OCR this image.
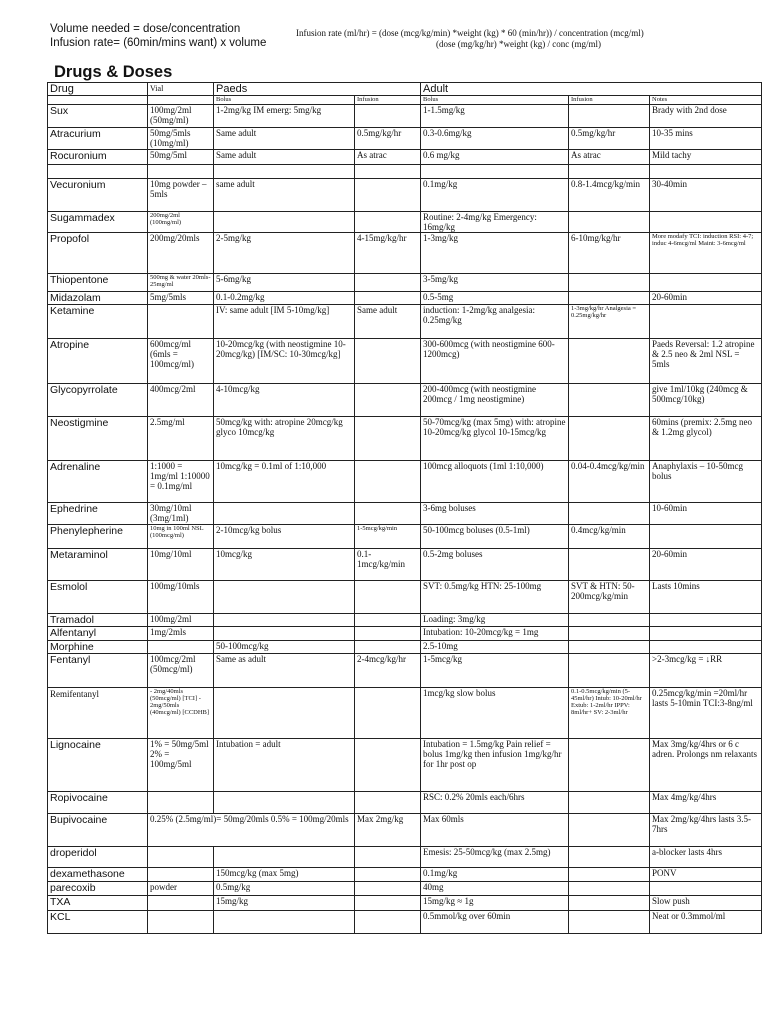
Volume needed = dose/concentration
Infusion rate= (60min/mins want) x volume
Infusion rate (ml/hr) = (dose (mcg/kg/min) *weight (kg) * 60 (min/hr)) / concentration (mcg/ml)
(dose (mg/kg/hr) *weight (kg) / conc (mg/ml)
Drugs & Doses
Drug	Vial	Paeds		Adult		
		Bolus	Infusion	Bolus	Infusion	Notes
Sux	100mg/2ml (50mg/ml)	1-2mg/kg IM emerg: 5mg/kg		1-1.5mg/kg		Brady with 2nd dose
Atracurium	50mg/5mls (10mg/ml)	Same adult	0.5mg/kg/hr	0.3-0.6mg/kg	0.5mg/kg/hr	10-35 mins
Rocuronium	50mg/5ml	Same adult	As atrac	0.6 mg/kg	As atrac	Mild tachy

Vecuronium	10mg powder – 5mls	same adult		0.1mg/kg	0.8-1.4mcg/kg/min	30-40min
Sugammadex	200mg/2ml (100mg/ml)			Routine: 2-4mg/kg Emergency: 16mg/kg		
Propofol	200mg/20mls	2-5mg/kg	4-15mg/kg/hr	1-3mg/kg	6-10mg/kg/hr	More modafy TCI: induction RSI: 4-7; induc 4-6mcg/ml Maint: 3-6mcg/ml
Thiopentone	500mg & water 20mls-25mg/ml	5-6mg/kg		3-5mg/kg		
Midazolam	5mg/5mls	0.1-0.2mg/kg		0.5-5mg		20-60min
Ketamine		IV: same adult [IM 5-10mg/kg]	Same adult	induction: 1-2mg/kg analgesia: 0.25mg/kg	1-3mg/kg/hr Analgesia = 0.25mg/kg/hr	
Atropine	600mcg/ml (6mls = 100mcg/ml)	10-20mcg/kg (with neostigmine 10-20mcg/kg) [IM/SC: 10-30mcg/kg]		300-600mcg (with neostigmine 600-1200mcg)		Paeds Reversal: 1.2 atropine & 2.5 neo & 2ml NSL = 5mls
Glycopyrrolate	400mcg/2ml	4-10mcg/kg		200-400mcg (with neostigmine 200mcg / 1mg neostigmine)		give 1ml/10kg (240mcg & 500mcg/10kg)
Neostigmine	2.5mg/ml	50mcg/kg with: atropine 20mcg/kg glyco 10mcg/kg		50-70mcg/kg (max 5mg) with: atropine 10-20mcg/kg glycol 10-15mcg/kg		60mins (premix: 2.5mg neo & 1.2mg glycol)
Adrenaline	1:1000 = 1mg/ml 1:10000 = 0.1mg/ml	10mcg/kg = 0.1ml of 1:10,000		100mcg alloquots (1ml 1:10,000)	0.04-0.4mcg/kg/min	Anaphylaxis – 10-50mcg bolus
Ephedrine	30mg/10ml (3mg/1ml)			3-6mg boluses		10-60min
Phenylepherine	10mg in 100ml NSL (100mcg/ml)	2-10mcg/kg bolus	1-5mcg/kg/min	50-100mcg boluses (0.5-1ml)	0.4mcg/kg/min	
Metaraminol	10mg/10ml	10mcg/kg	0.1-1mcg/kg/min	0.5-2mg boluses		20-60min
Esmolol	100mg/10mls			SVT: 0.5mg/kg HTN: 25-100mg	SVT & HTN: 50-200mcg/kg/min	Lasts 10mins
Tramadol	100mg/2ml			Loading: 3mg/kg		
Alfentanyl	1mg/2mls			Intubation: 10-20mcg/kg = 1mg		
Morphine		50-100mcg/kg		2.5-10mg		
Fentanyl	100mcg/2ml (50mcg/ml)	Same as adult	2-4mcg/kg/hr	1-5mcg/kg		>2-3mcg/kg = ↓RR
Remifentanyl	- 2mg/40mls (50mcg/ml) [TCI] - 2mg/50mls (40mcg/ml) [CCDHB]			1mcg/kg slow bolus	0.1-0.5mcg/kg/min (5-45ml/hr) Intub: 10-20ml/hr Extub: 1-2ml/hr IPPV: 8ml/hr+ SV: 2-3ml/hr	0.25mcg/kg/min =20ml/hr lasts 5-10min TCI:3-8ng/ml
Lignocaine	1% = 50mg/5ml 2% = 100mg/5ml	Intubation = adult		Intubation = 1.5mg/kg Pain relief = bolus 1mg/kg then infusion 1mg/kg/hr for 1hr post op		Max 3mg/kg/4hrs or 6 c adren. Prolongs nm relaxants
Ropivocaine				RSC: 0.2% 20mls each/6hrs		Max 4mg/kg/4hrs
Bupivocaine	0.25% (2.5mg/ml)= 50mg/20mls 0.5% = 100mg/20mls		Max 2mg/kg	Max 60mls		Max 2mg/kg/4hrs lasts 3.5-7hrs
droperidol				Emesis: 25-50mcg/kg (max 2.5mg)		a-blocker lasts 4hrs
dexamethasone		150mcg/kg (max 5mg)		0.1mg/kg		PONV
parecoxib	powder	0.5mg/kg		40mg		
TXA		15mg/kg		15mg/kg ≈ 1g		Slow push
KCL				0.5mmol/kg over 60min		Neat or 0.3mmol/ml
